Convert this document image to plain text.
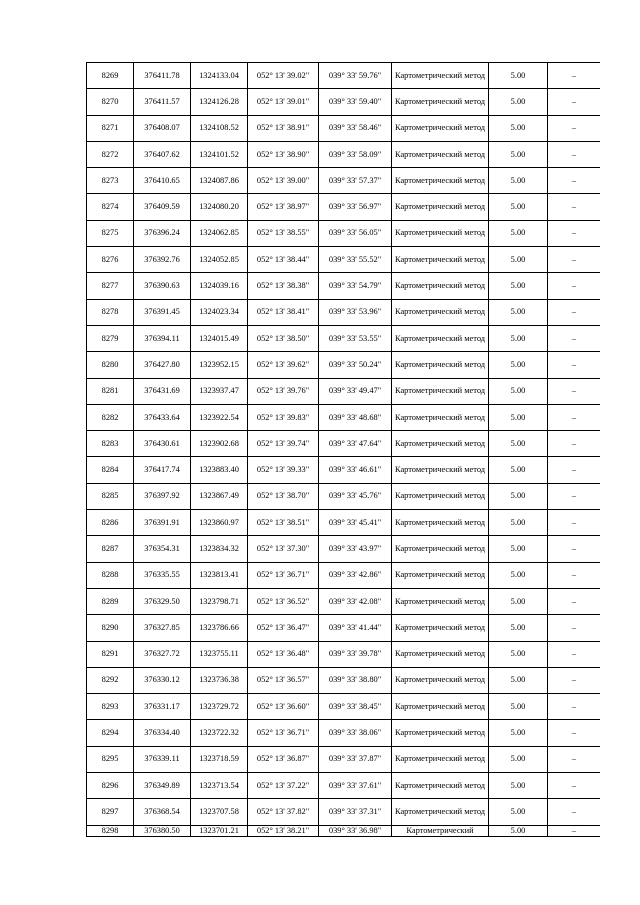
8269	376411.78	1324133.04	052° 13' 39.02"	039° 33' 59.76"	Картометрический метод	5.00	–
8270	376411.57	1324126.28	052° 13' 39.01"	039° 33' 59.40"	Картометрический метод	5.00	–
8271	376408.07	1324108.52	052° 13' 38.91"	039° 33' 58.46"	Картометрический метод	5.00	–
8272	376407.62	1324101.52	052° 13' 38.90"	039° 33' 58.09"	Картометрический метод	5.00	–
8273	376410.65	1324087.86	052° 13' 39.00"	039° 33' 57.37"	Картометрический метод	5.00	–
8274	376409.59	1324080.20	052° 13' 38.97"	039° 33' 56.97"	Картометрический метод	5.00	–
8275	376396.24	1324062.85	052° 13' 38.55"	039° 33' 56.05"	Картометрический метод	5.00	–
8276	376392.76	1324052.85	052° 13' 38.44"	039° 33' 55.52"	Картометрический метод	5.00	–
8277	376390.63	1324039.16	052° 13' 38.38"	039° 33' 54.79"	Картометрический метод	5.00	–
8278	376391.45	1324023.34	052° 13' 38.41"	039° 33' 53.96"	Картометрический метод	5.00	–
8279	376394.11	1324015.49	052° 13' 38.50"	039° 33' 53.55"	Картометрический метод	5.00	–
8280	376427.80	1323952.15	052° 13' 39.62"	039° 33' 50.24"	Картометрический метод	5.00	–
8281	376431.69	1323937.47	052° 13' 39.76"	039° 33' 49.47"	Картометрический метод	5.00	–
8282	376433.64	1323922.54	052° 13' 39.83"	039° 33' 48.68"	Картометрический метод	5.00	–
8283	376430.61	1323902.68	052° 13' 39.74"	039° 33' 47.64"	Картометрический метод	5.00	–
8284	376417.74	1323883.40	052° 13' 39.33"	039° 33' 46.61"	Картометрический метод	5.00	–
8285	376397.92	1323867.49	052° 13' 38.70"	039° 33' 45.76"	Картометрический метод	5.00	–
8286	376391.91	1323860.97	052° 13' 38.51"	039° 33' 45.41"	Картометрический метод	5.00	–
8287	376354.31	1323834.32	052° 13' 37.30"	039° 33' 43.97"	Картометрический метод	5.00	–
8288	376335.55	1323813.41	052° 13' 36.71"	039° 33' 42.86"	Картометрический метод	5.00	–
8289	376329.50	1323798.71	052° 13' 36.52"	039° 33' 42.08"	Картометрический метод	5.00	–
8290	376327.85	1323786.66	052° 13' 36.47"	039° 33' 41.44"	Картометрический метод	5.00	–
8291	376327.72	1323755.11	052° 13' 36.48"	039° 33' 39.78"	Картометрический метод	5.00	–
8292	376330.12	1323736.38	052° 13' 36.57"	039° 33' 38.80"	Картометрический метод	5.00	–
8293	376331.17	1323729.72	052° 13' 36.60"	039° 33' 38.45"	Картометрический метод	5.00	–
8294	376334.40	1323722.32	052° 13' 36.71"	039° 33' 38.06"	Картометрический метод	5.00	–
8295	376339.11	1323718.59	052° 13' 36.87"	039° 33' 37.87"	Картометрический метод	5.00	–
8296	376349.89	1323713.54	052° 13' 37.22"	039° 33' 37.61"	Картометрический метод	5.00	–
8297	376368.54	1323707.58	052° 13' 37.82"	039° 33' 37.31"	Картометрический метод	5.00	–
8298	376380.50	1323701.21	052° 13' 38.21"	039° 33' 36.98"	Картометрический	5.00	–
